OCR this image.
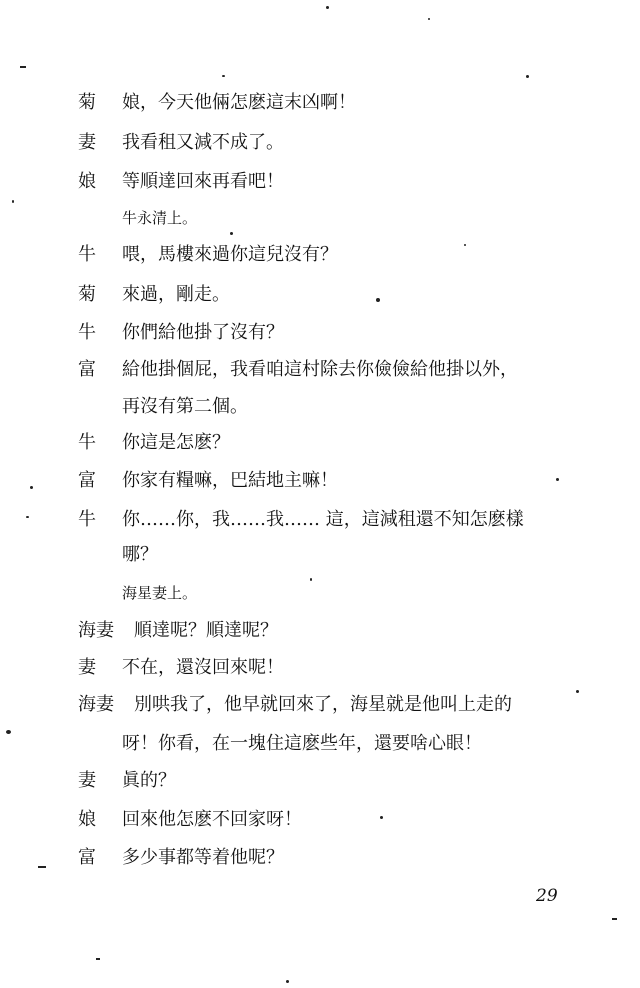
菊 娘，今天他倆怎麽這末凶啊！
妻 我看租又減不成了。
娘 等順達回來再看吧！
牛永清上。
牛 喂，馬樓來過你這兒沒有？
菊 來過，剛走。
牛 你們給他掛了沒有？
富 給他掛個屁，我看咱這村除去你儉儉給他掛以外，
再沒有第二個。
牛 你這是怎麽？
富 你家有糧嘛，巴結地主嘛！
牛 你……你，我……我…… 這，這減租還不知怎麽樣
哪？
海星妻上。
海妻 順達呢？順達呢？
妻 不在，還沒回來呢！
海妻 別哄我了，他早就回來了，海星就是他叫上走的
呀！你看，在一塊住這麽些年，還要啥心眼！
妻 眞的？
娘 回來他怎麽不回家呀！
富 多少事都等着他呢？
29
